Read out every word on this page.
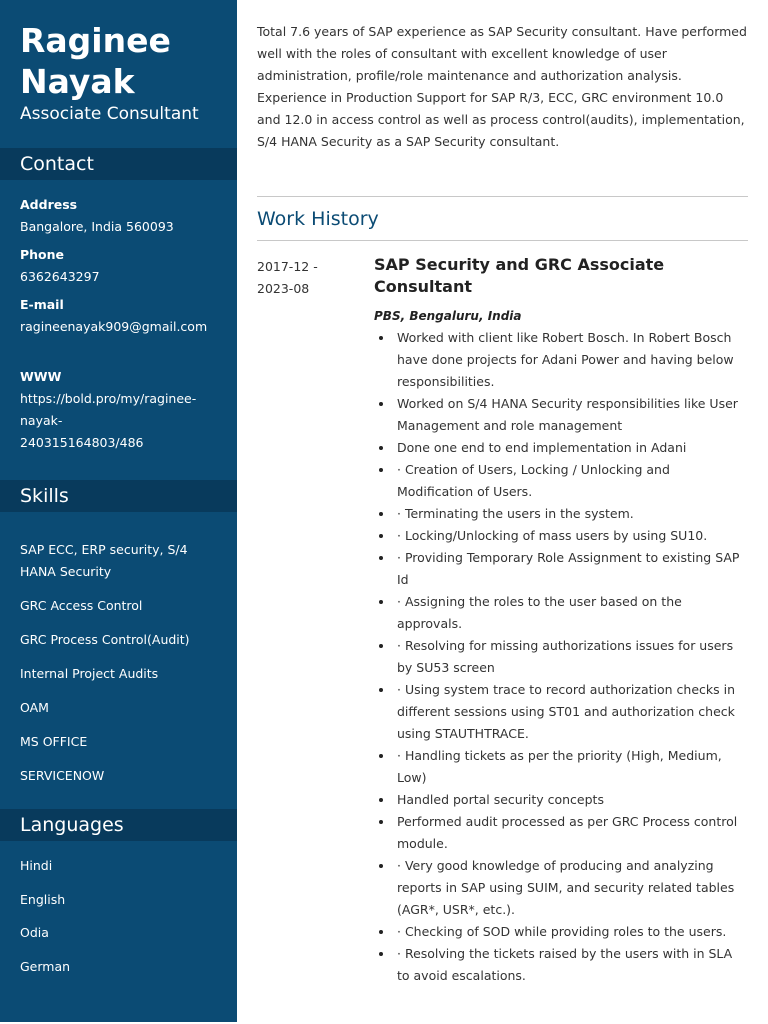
Raginee
Nayak
Associate Consultant
Contact
Address
Bangalore, India 560093
Phone
6362643297
E-mail
ragineenayak909@gmail.com
WWW
https://bold.pro/my/raginee-nayak-240315164803/486
Skills
SAP ECC, ERP security, S/4 HANA Security
GRC Access Control
GRC Process Control(Audit)
Internal Project Audits
OAM
MS OFFICE
SERVICENOW
Languages
Hindi
English
Odia
German
Total 7.6 years of SAP experience as SAP Security consultant. Have performed well with the roles of consultant with excellent knowledge of user administration, profile/role maintenance and authorization analysis. Experience in Production Support for SAP R/3, ECC, GRC environment 10.0 and 12.0 in access control as well as process control(audits), implementation, S/4 HANA Security as a SAP Security consultant.
Work History
2017-12 -
2023-08
SAP Security and GRC Associate Consultant
PBS, Bengaluru, India
Worked with client like Robert Bosch. In Robert Bosch have done projects for Adani Power and having below responsibilities.
Worked on S/4 HANA Security responsibilities like User Management and role management
Done one end to end implementation in Adani
· Creation of Users, Locking / Unlocking and Modification of Users.
· Terminating the users in the system.
· Locking/Unlocking of mass users by using SU10.
· Providing Temporary Role Assignment to existing SAP Id
· Assigning the roles to the user based on the approvals.
· Resolving for missing authorizations issues for users by SU53 screen
· Using system trace to record authorization checks in different sessions using ST01 and authorization check using STAUTHTRACE.
· Handling tickets as per the priority (High, Medium, Low)
Handled portal security concepts
Performed audit processed as per GRC Process control module.
· Very good knowledge of producing and analyzing reports in SAP using SUIM, and security related tables (AGR*, USR*, etc.).
· Checking of SOD while providing roles to the users.
· Resolving the tickets raised by the users with in SLA to avoid escalations.
